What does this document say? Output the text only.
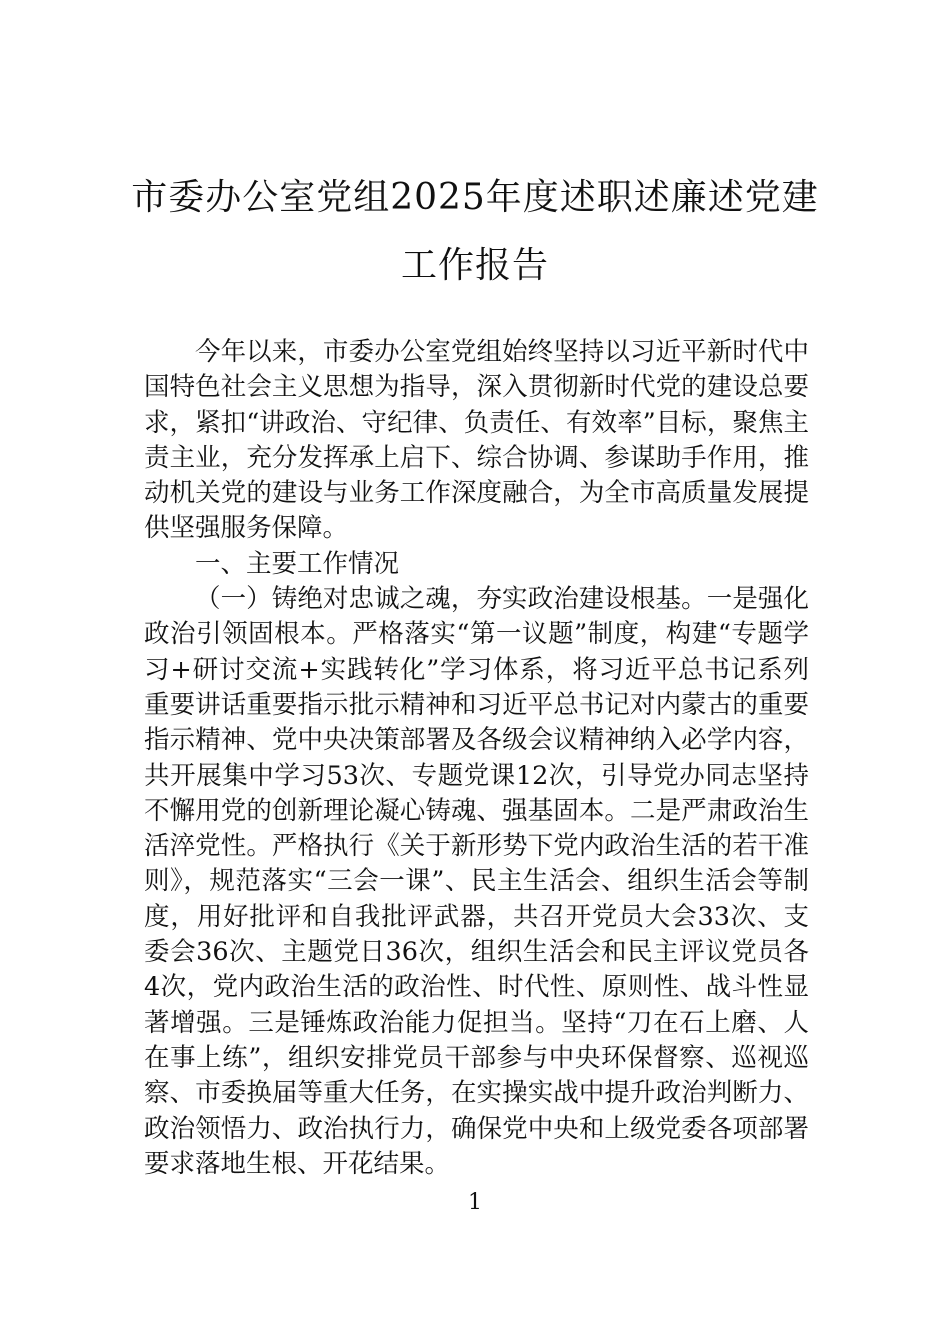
市委办公室党组2025年度述职述廉述党建
工作报告

今年以来，市委办公室党组始终坚持以习近平新时代中国特色社会主义思想为指导，深入贯彻新时代党的建设总要求，紧扣“讲政治、守纪律、负责任、有效率”目标，聚焦主责主业，充分发挥承上启下、综合协调、参谋助手作用，推动机关党的建设与业务工作深度融合，为全市高质量发展提供坚强服务保障。

一、主要工作情况

（一）铸绝对忠诚之魂，夯实政治建设根基。一是强化政治引领固根本。严格落实“第一议题”制度，构建“专题学习+研讨交流+实践转化”学习体系，将习近平总书记系列重要讲话重要指示批示精神和习近平总书记对内蒙古的重要指示精神、党中央决策部署及各级会议精神纳入必学内容，共开展集中学习53次、专题党课12次，引导党办同志坚持不懈用党的创新理论凝心铸魂、强基固本。二是严肃政治生活淬党性。严格执行《关于新形势下党内政治生活的若干准则》，规范落实“三会一课”、民主生活会、组织生活会等制度，用好批评和自我批评武器，共召开党员大会33次、支委会36次、主题党日36次，组织生活会和民主评议党员各4次，党内政治生活的政治性、时代性、原则性、战斗性显著增强。三是锤炼政治能力促担当。坚持“刀在石上磨、人在事上练”，组织安排党员干部参与中央环保督察、巡视巡察、市委换届等重大任务，在实操实战中提升政治判断力、政治领悟力、政治执行力，确保党中央和上级党委各项部署要求落地生根、开花结果。

1
